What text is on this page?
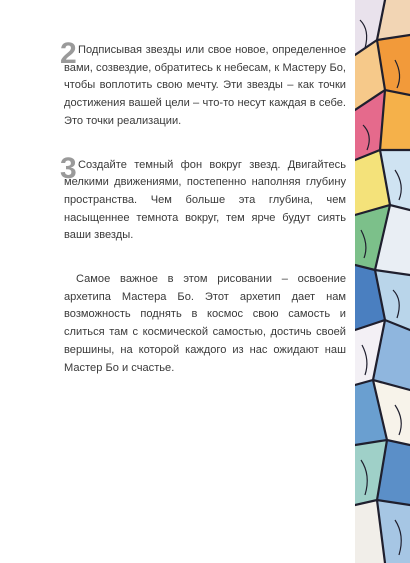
2 Подписывая звезды или свое новое, определенное вами, созвездие, обратитесь к небесам, к Мастеру Бо, чтобы воплотить свою мечту. Эти звезды – как точки достижения вашей цели – что-то несут каждая в себе. Это точки реализации.

3 Создайте темный фон вокруг звезд. Двигайтесь мелкими движениями, постепенно наполняя глубину пространства. Чем больше эта глубина, чем насыщеннее темнота вокруг, тем ярче будут сиять ваши звезды.

Самое важное в этом рисовании – освоение архетипа Мастера Бо. Этот архетип дает нам возможность поднять в космос свою самость и слиться там с космической самостью, достичь своей вершины, на которой каждого из нас ожидают наш Мастер Бо и счастье.
